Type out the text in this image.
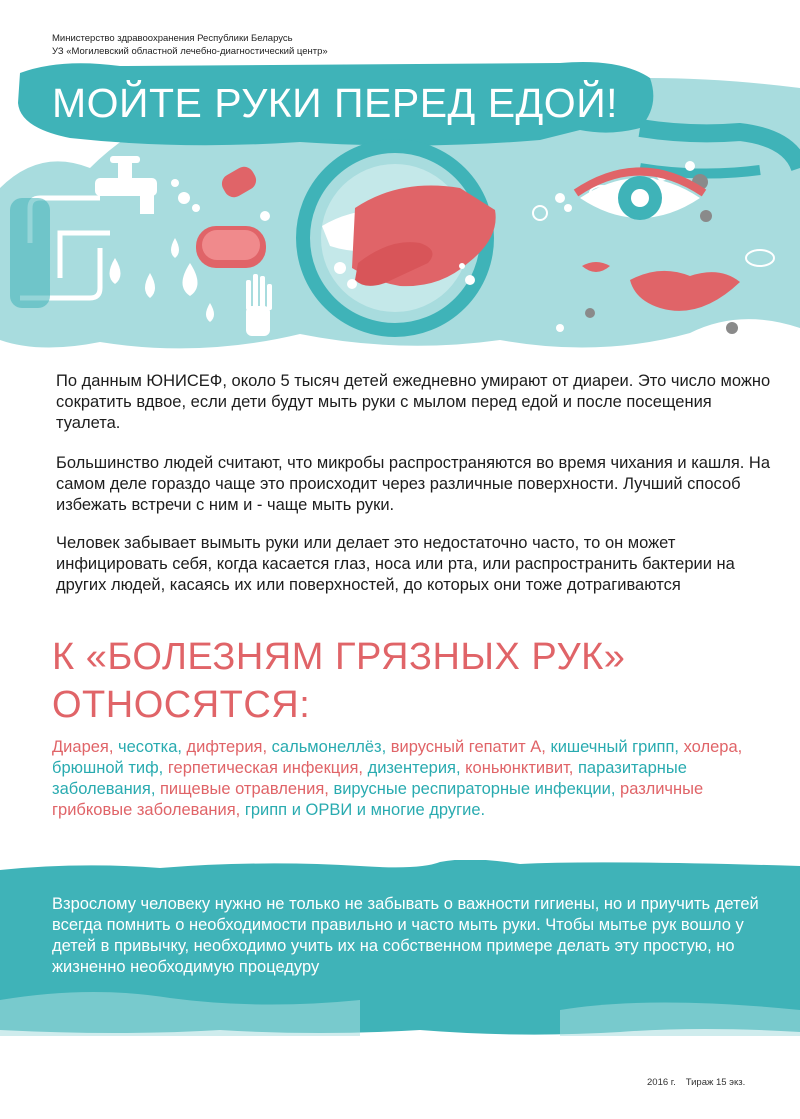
Министерство здравоохранения Республики Беларусь
УЗ «Могилевский областной лечебно-диагностический центр»
МОЙТЕ РУКИ ПЕРЕД ЕДОЙ!
По данным ЮНИСЕФ, около 5 тысяч детей ежедневно умирают от диареи. Это число можно сократить вдвое, если дети будут мыть руки с мылом перед едой и после посещения туалета.
Большинство людей считают, что микробы распространяются во время чихания и кашля. На самом деле гораздо чаще это происходит через различные поверхности. Лучший способ избежать встречи с ним и - чаще мыть руки.
Человек забывает вымыть руки или делает это недостаточно часто, то он может инфицировать себя, когда касается глаз, носа или рта, или распространить бактерии на других людей, касаясь их или поверхностей, до которых они тоже дотрагиваются
К «БОЛЕЗНЯМ ГРЯЗНЫХ РУК»
ОТНОСЯТСЯ:
Диарея, чесотка, дифтерия, сальмонеллёз, вирусный гепатит А, кишечный грипп, холера, брюшной тиф, герпетическая инфекция, дизентерия, коньюнктивит, паразитарные заболевания, пищевые отравления, вирусные респираторные инфекции, различные грибковые заболевания, грипп и ОРВИ и многие другие.
Взрослому человеку нужно не только не забывать о важности гигиены, но и приучить детей всегда помнить о необходимости правильно и часто мыть руки. Чтобы мытье рук вошло у детей в привычку, необходимо учить их на собственном примере делать эту простую, но жизненно необходимую процедуру
2016 г. Тираж 15 экз.
